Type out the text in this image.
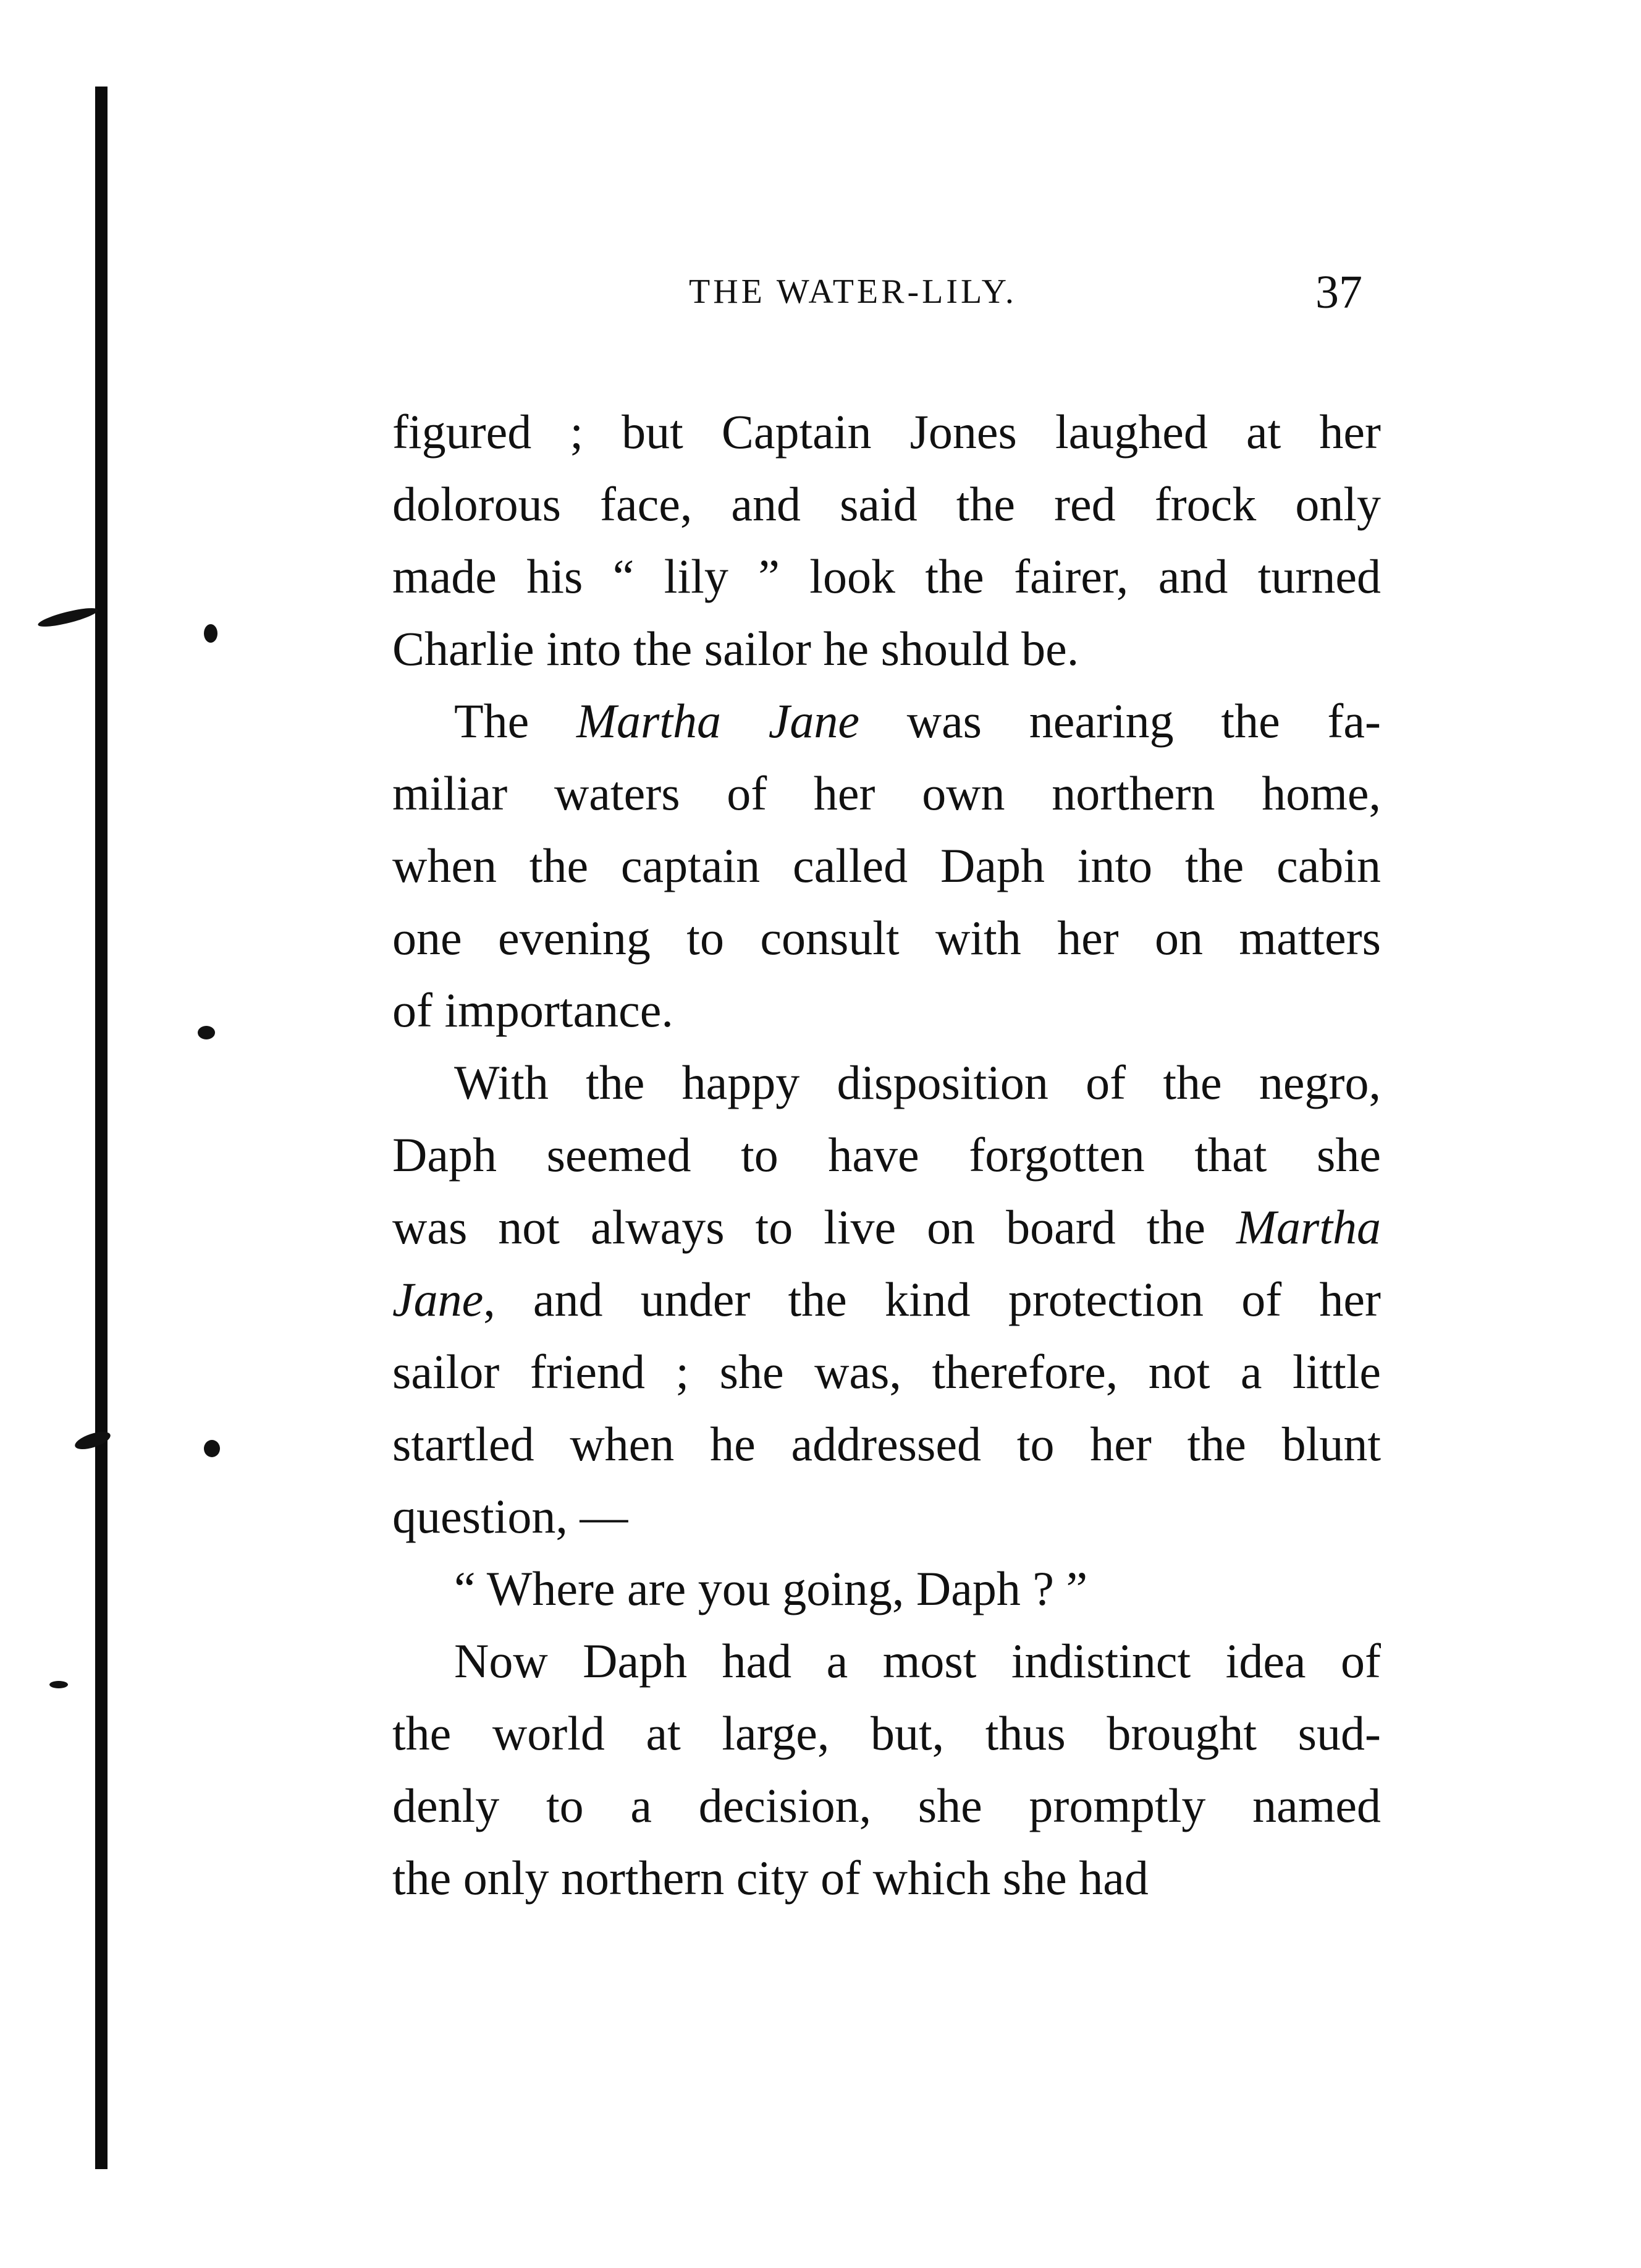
THE WATER-LILY.	37
figured ; but Captain Jones laughed at her
dolorous face, and said the red frock only
made his “ lily ” look the fairer, and turned
Charlie into the sailor he should be.
The Martha Jane was nearing the fa-
miliar waters of her own northern home,
when the captain called Daph into the cabin
one evening to consult with her on matters
of importance.
With the happy disposition of the negro,
Daph seemed to have forgotten that she
was not always to live on board the Martha
Jane, and under the kind protection of her
sailor friend ; she was, therefore, not a little
startled when he addressed to her the blunt
question, —
“ Where are you going, Daph ? ”
Now Daph had a most indistinct idea of
the world at large, but, thus brought sud-
denly to a decision, she promptly named
the only northern city of which she had
